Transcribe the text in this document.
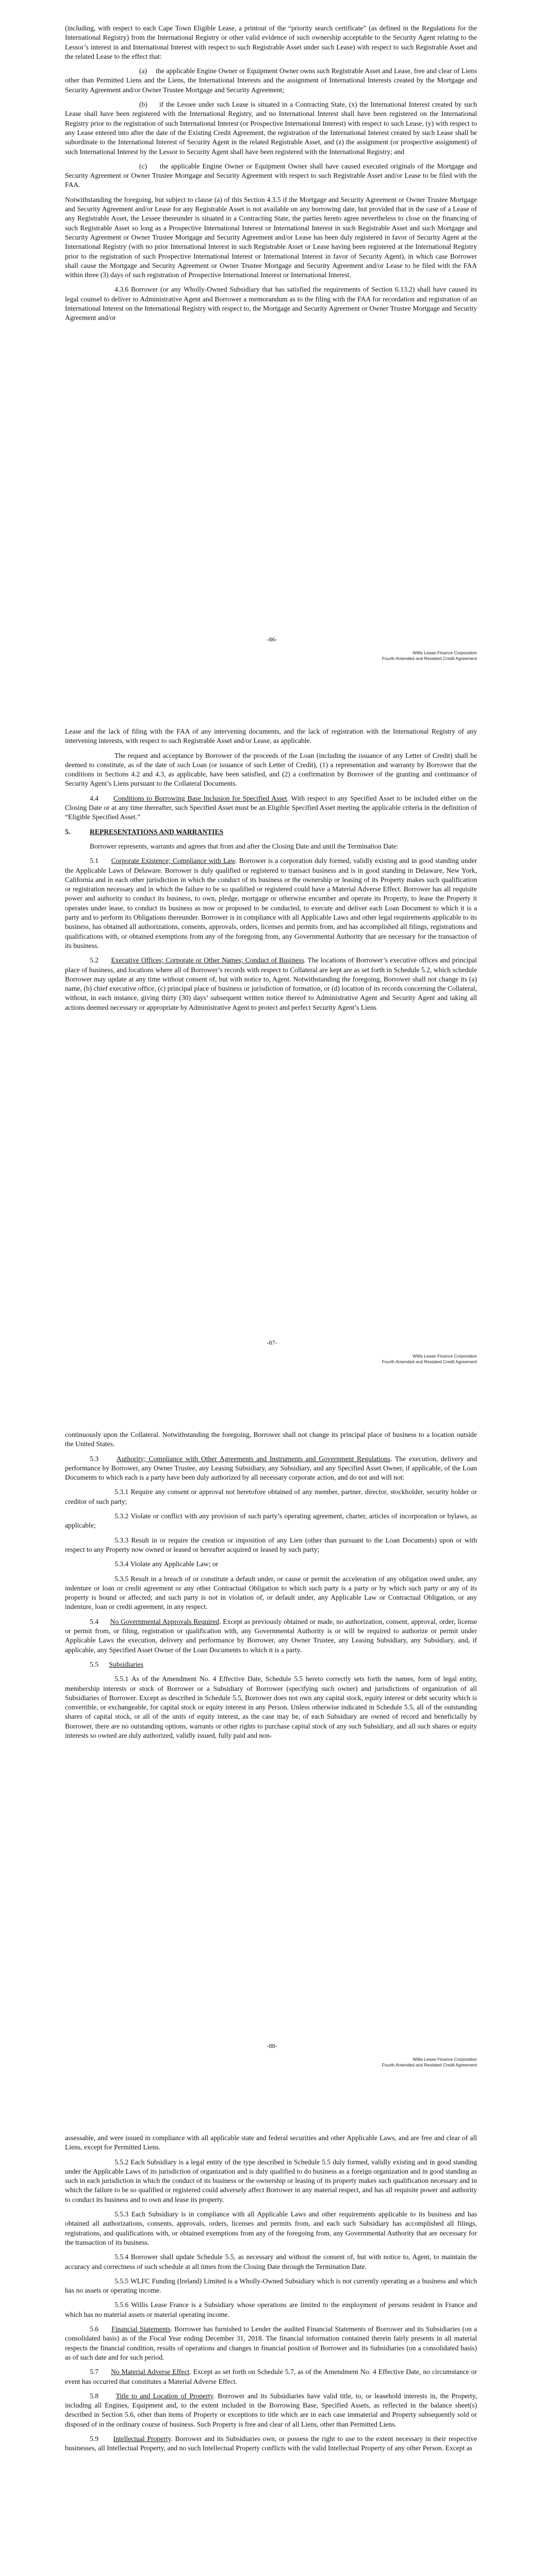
(including, with respect to each Cape Town Eligible Lease, a printout of the “priority search certificate” (as defined in the Regulations for the International Registry) from the International Registry or other valid evidence of such ownership acceptable to the Security Agent relating to the Lessor’s interest in and International Interest with respect to such Registrable Asset under such Lease) with respect to such Registrable Asset and the related Lease to the effect that:

(a)     the applicable Engine Owner or Equipment Owner owns such Registrable Asset and Lease, free and clear of Liens other than Permitted Liens and the Liens, the International Interests and the assignment of International Interests created by the Mortgage and Security Agreement and/or Owner Trustee Mortgage and Security Agreement;

(b)     if the Lessee under such Lease is situated in a Contracting State, (x) the International Interest created by such Lease shall have been registered with the International Registry, and no International Interest shall have been registered on the International Registry prior to the registration of such International Interest (or Prospective International Interest) with respect to such Lease, (y) with respect to any Lease entered into after the date of the Existing Credit Agreement, the registration of the International Interest created by such Lease shall be subordinate to the International Interest of Security Agent in the related Registrable Asset, and (z) the assignment (or prospective assignment) of such International Interest by the Lessor to Security Agent shall have been registered with the International Registry; and

(c)     the applicable Engine Owner or Equipment Owner shall have caused executed originals of the Mortgage and Security Agreement or Owner Trustee Mortgage and Security Agreement with respect to such Registrable Asset and/or Lease to be filed with the FAA.

Notwithstanding the foregoing, but subject to clause (a) of this Section 4.3.5 if the Mortgage and Security Agreement or Owner Trustee Mortgage and Security Agreement and/or Lease for any Registrable Asset is not available on any borrowing date, but provided that in the case of a Lease of any Registrable Asset, the Lessee thereunder is situated in a Contracting State, the parties hereto agree nevertheless to close on the financing of such Registrable Asset so long as a Prospective International Interest or International Interest in such Registrable Asset and such Mortgage and Security Agreement or Owner Trustee Mortgage and Security Agreement and/or Lease has been duly registered in favor of Security Agent at the International Registry (with no prior International Interest in such Registrable Asset or Lease having been registered at the International Registry prior to the registration of such Prospective International Interest or International Interest in favor of Security Agent), in which case Borrower shall cause the Mortgage and Security Agreement or Owner Trustee Mortgage and Security Agreement and/or Lease to be filed with the FAA within three (3) days of such registration of Prospective International Interest or International Interest.

4.3.6 Borrower (or any Wholly-Owned Subsidiary that has satisfied the requirements of Section 6.13.2) shall have caused its legal counsel to deliver to Administrative Agent and Borrower a memorandum as to the filing with the FAA for recordation and registration of an International Interest on the International Registry with respect to, the Mortgage and Security Agreement or Owner Trustee Mortgage and Security Agreement and/or

-86-
Willis Lease Finance Corporation
Fourth Amended and Restated Credit Agreement

Lease and the lack of filing with the FAA of any intervening documents, and the lack of registration with the International Registry of any intervening interests, with respect to such Registrable Asset and/or Lease, as applicable.

The request and acceptance by Borrower of the proceeds of the Loan (including the issuance of any Letter of Credit) shall be deemed to constitute, as of the date of such Loan (or issuance of such Letter of Credit), (1) a representation and warranty by Borrower that the conditions in Sections 4.2 and 4.3, as applicable, have been satisfied, and (2) a confirmation by Borrower of the granting and continuance of Security Agent’s Liens pursuant to the Collateral Documents.

4.4 Conditions to Borrowing Base Inclusion for Specified Asset. With respect to any Specified Asset to be included either on the Closing Date or at any time thereafter, such Specified Asset must be an Eligible Specified Asset meeting the applicable criteria in the definition of “Eligible Specified Asset.”

5.	REPRESENTATIONS AND WARRANTIES

Borrower represents, warrants and agrees that from and after the Closing Date and until the Termination Date:

5.1 Corporate Existence; Compliance with Law. Borrower is a corporation duly formed, validly existing and in good standing under the Applicable Laws of Delaware. Borrower is duly qualified or registered to transact business and is in good standing in Delaware, New York, California and in each other jurisdiction in which the conduct of its business or the ownership or leasing of its Property makes such qualification or registration necessary and in which the failure to be so qualified or registered could have a Material Adverse Effect. Borrower has all requisite power and authority to conduct its business, to own, pledge, mortgage or otherwise encumber and operate its Property, to lease the Property it operates under lease, to conduct its business as now or proposed to be conducted, to execute and deliver each Loan Document to which it is a party and to perform its Obligations thereunder. Borrower is in compliance with all Applicable Laws and other legal requirements applicable to its business, has obtained all authorizations, consents, approvals, orders, licenses and permits from, and has accomplished all filings, registrations and qualifications with, or obtained exemptions from any of the foregoing from, any Governmental Authority that are necessary for the transaction of its business.

5.2 Executive Offices; Corporate or Other Names; Conduct of Business. The locations of Borrower’s executive offices and principal place of business, and locations where all of Borrower’s records with respect to Collateral are kept are as set forth in Schedule 5.2, which schedule Borrower may update at any time without consent of, but with notice to, Agent. Notwithstanding the foregoing, Borrower shall not change its (a) name, (b) chief executive office, (c) principal place of business or jurisdiction of formation, or (d) location of its records concerning the Collateral, without, in each instance, giving thirty (30) days’ subsequent written notice thereof to Administrative Agent and Security Agent and taking all actions deemed necessary or appropriate by Administrative Agent to protect and perfect Security Agent’s Liens

-87-
Willis Lease Finance Corporation
Fourth Amended and Restated Credit Agreement

continuously upon the Collateral. Notwithstanding the foregoing, Borrower shall not change its principal place of business to a location outside the United States.

5.3	Authority; Compliance with Other Agreements and Instruments and Government Regulations. The execution, delivery and performance by Borrower, any Owner Trustee, any Leasing Subsidiary, any Subsidiary, and any Specified Asset Owner, if applicable, of the Loan Documents to which each is a party have been duly authorized by all necessary corporate action, and do not and will not:

5.3.1 Require any consent or approval not heretofore obtained of any member, partner, director, stockholder, security holder or creditor of such party;

5.3.2 Violate or conflict with any provision of such party’s operating agreement, charter, articles of incorporation or bylaws, as applicable;

5.3.3 Result in or require the creation or imposition of any Lien (other than pursuant to the Loan Documents) upon or with respect to any Property now owned or leased or hereafter acquired or leased by such party;

5.3.4 Violate any Applicable Law; or

5.3.5 Result in a breach of or constitute a default under, or cause or permit the acceleration of any obligation owed under, any indenture or loan or credit agreement or any other Contractual Obligation to which such party is a party or by which such party or any of its property is bound or affected; and such party is not in violation of, or default under, any Applicable Law or Contractual Obligation, or any indenture, loan or credit agreement, in any respect.

5.4 No Governmental Approvals Required. Except as previously obtained or made, no authorization, consent, approval, order, license or permit from, or filing, registration or qualification with, any Governmental Authority is or will be required to authorize or permit under Applicable Laws the execution, delivery and performance by Borrower, any Owner Trustee, any Leasing Subsidiary, any Subsidiary, and, if applicable, any Specified Asset Owner of the Loan Documents to which it is a party.

5.5 Subsidiaries

5.5.1 As of the Amendment No. 4 Effective Date, Schedule 5.5 hereto correctly sets forth the names, form of legal entity, membership interests or stock of Borrower or a Subsidiary of Borrower (specifying such owner) and jurisdictions of organization of all Subsidiaries of Borrower. Except as described in Schedule 5.5, Borrower does not own any capital stock, equity interest or debt security which is convertible, or exchangeable, for capital stock or equity interest in any Person. Unless otherwise indicated in Schedule 5.5, all of the outstanding shares of capital stock, or all of the units of equity interest, as the case may be, of each Subsidiary are owned of record and beneficially by Borrower, there are no outstanding options, warrants or other rights to purchase capital stock of any such Subsidiary, and all such shares or equity interests so owned are duly authorized, validly issued, fully paid and non-

-88-
Willis Lease Finance Corporation
Fourth Amended and Restated Credit Agreement

assessable, and were issued in compliance with all applicable state and federal securities and other Applicable Laws, and are free and clear of all Liens, except for Permitted Liens.

5.5.2 Each Subsidiary is a legal entity of the type described in Schedule 5.5 duly formed, validly existing and in good standing under the Applicable Laws of its jurisdiction of organization and is duly qualified to do business as a foreign organization and in good standing as such in each jurisdiction in which the conduct of its business or the ownership or leasing of its property makes such qualification necessary and in which the failure to be so qualified or registered could adversely affect Borrower in any material respect, and has all requisite power and authority to conduct its business and to own and lease its property.

5.5.3 Each Subsidiary is in compliance with all Applicable Laws and other requirements applicable to its business and has obtained all authorizations, consents, approvals, orders, licenses and permits from, and each such Subsidiary has accomplished all filings, registrations, and qualifications with, or obtained exemptions from any of the foregoing from, any Governmental Authority that are necessary for the transaction of its business.

5.5.4 Borrower shall update Schedule 5.5, as necessary and without the consent of, but with notice to, Agent, to maintain the accuracy and correctness of such schedule at all times from the Closing Date through the Termination Date.

5.5.5 WLFC Funding (Ireland) Limited is a Wholly-Owned Subsidiary which is not currently operating as a business and which has no assets or operating income.

5.5.6 Willis Lease France is a Subsidiary whose operations are limited to the employment of persons resident in France and which has no material assets or material operating income.

5.6 Financial Statements. Borrower has furnished to Lender the audited Financial Statements of Borrower and its Subsidiaries (on a consolidated basis) as of the Fiscal Year ending December 31, 2018. The financial information contained therein fairly presents in all material respects the financial condition, results of operations and changes in financial position of Borrower and its Subsidiaries (on a consolidated basis) as of such date and for such period.

5.7 No Material Adverse Effect. Except as set forth on Schedule 5.7, as of the Amendment No. 4 Effective Date, no circumstance or event has occurred that constitutes a Material Adverse Effect.

5.8 Title to and Location of Property. Borrower and its Subsidiaries have valid title, to, or leasehold interests in, the Property, including all Engines, Equipment and, to the extent included in the Borrowing Base, Specified Assets, as reflected in the balance sheet(s) described in Section 5.6, other than items of Property or exceptions to title which are in each case immaterial and Property subsequently sold or disposed of in the ordinary course of business. Such Property is free and clear of all Liens, other than Permitted Liens.

5.9 Intellectual Property. Borrower and its Subsidiaries own, or possess the right to use to the extent necessary in their respective businesses, all Intellectual Property, and no such Intellectual Property conflicts with the valid Intellectual Property of any other Person. Except as
